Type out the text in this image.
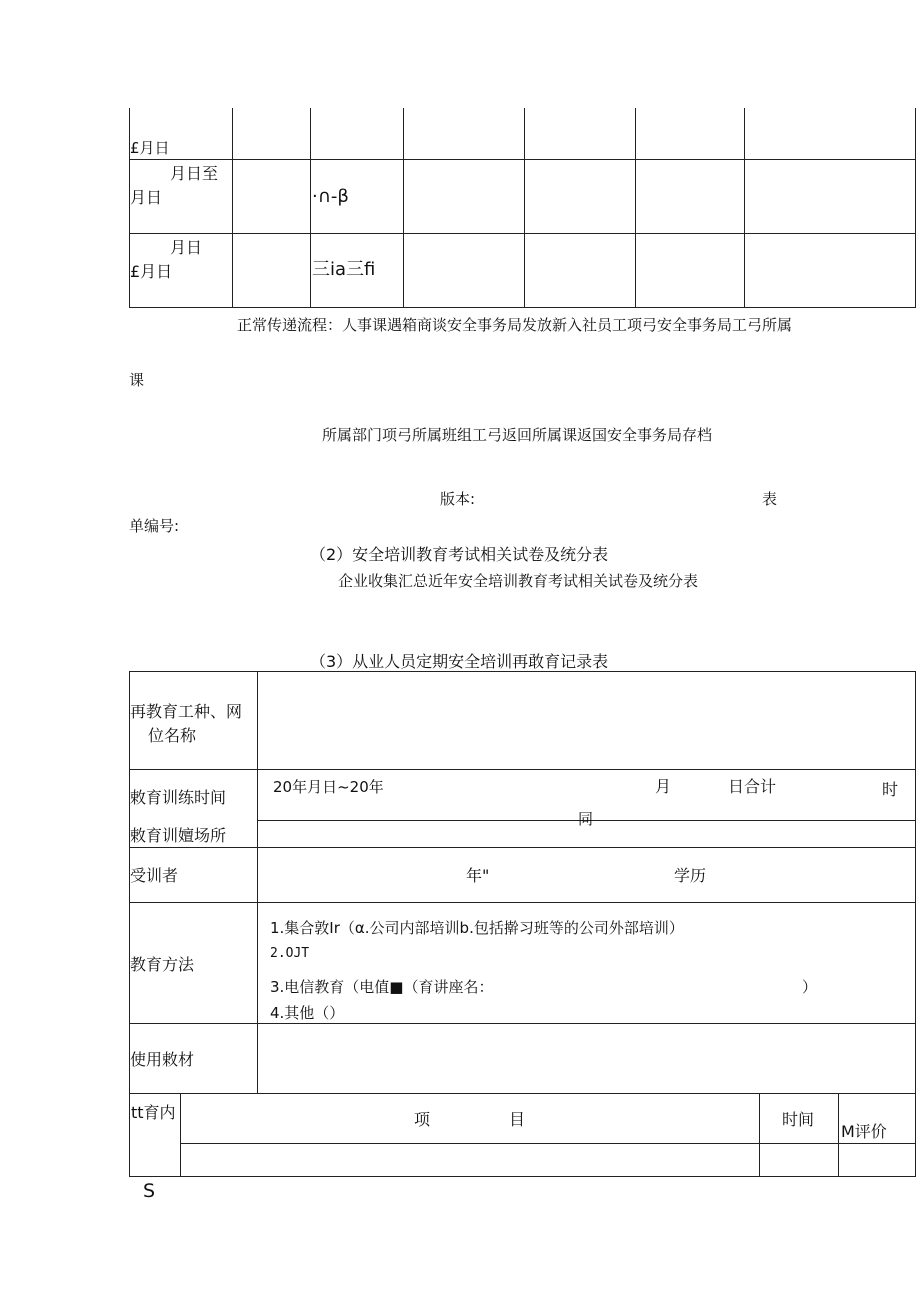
£月日
月日至
月日	·∩-β
月日
£月日	三ia三fi
正常传递流程：人事课遇箱商谈安全事务局发放新入社员工项弓安全事务局工弓所属
课
所属部门项弓所属班组工弓返回所属课返国安全事务局存档
版本:	表
单编号:
（2）安全培训教育考试相关试卷及统分表
企业收集汇总近年安全培训教育考试相关试卷及统分表
（3）从业人员定期安全培训再敢育记录表
再教育工种、网
位名称
敕育训练时间
20年月日~20年	月	日合计	时
同
敕育训嬗场所
受训者	年"	学历
教育方法
1.集合敦Ir（α.公司内部培训b.包括擀习班等的公司外部培训）
2.OJT
3.电信教育（电值■（育讲座名：	）
4.其他（）
使用敕材
tt育内	项	目	时间
M评价
S
